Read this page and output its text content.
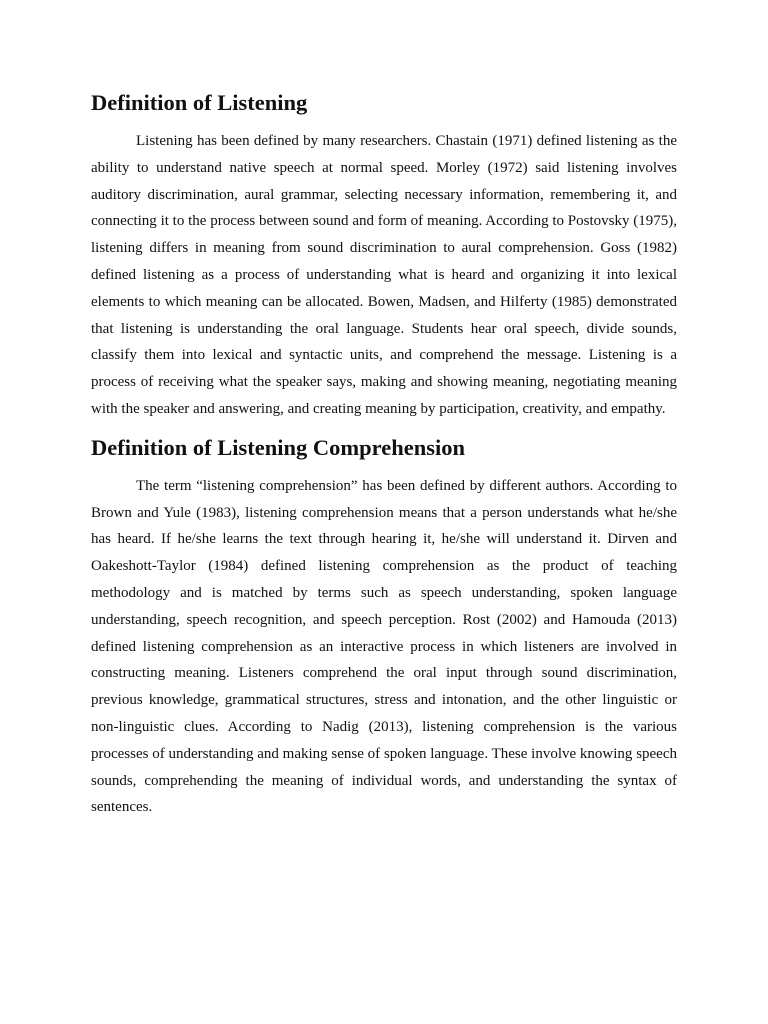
Definition of Listening

Listening has been defined by many researchers. Chastain (1971) defined listening as the ability to understand native speech at normal speed. Morley (1972) said listening involves auditory discrimination, aural grammar, selecting necessary information, remembering it, and connecting it to the process between sound and form of meaning. According to Postovsky (1975), listening differs in meaning from sound discrimination to aural comprehension. Goss (1982) defined listening as a process of understanding what is heard and organizing it into lexical elements to which meaning can be allocated. Bowen, Madsen, and Hilferty (1985) demonstrated that listening is understanding the oral language. Students hear oral speech, divide sounds, classify them into lexical and syntactic units, and comprehend the message. Listening is a process of receiving what the speaker says, making and showing meaning, negotiating meaning with the speaker and answering, and creating meaning by participation, creativity, and empathy.

Definition of Listening Comprehension

The term “listening comprehension” has been defined by different authors. According to Brown and Yule (1983), listening comprehension means that a person understands what he/she has heard. If he/she learns the text through hearing it, he/she will understand it. Dirven and Oakeshott-Taylor (1984) defined listening comprehension as the product of teaching methodology and is matched by terms such as speech understanding, spoken language understanding, speech recognition, and speech perception. Rost (2002) and Hamouda (2013) defined listening comprehension as an interactive process in which listeners are involved in constructing meaning. Listeners comprehend the oral input through sound discrimination, previous knowledge, grammatical structures, stress and intonation, and the other linguistic or non-linguistic clues. According to Nadig (2013), listening comprehension is the various processes of understanding and making sense of spoken language. These involve knowing speech sounds, comprehending the meaning of individual words, and understanding the syntax of sentences.
